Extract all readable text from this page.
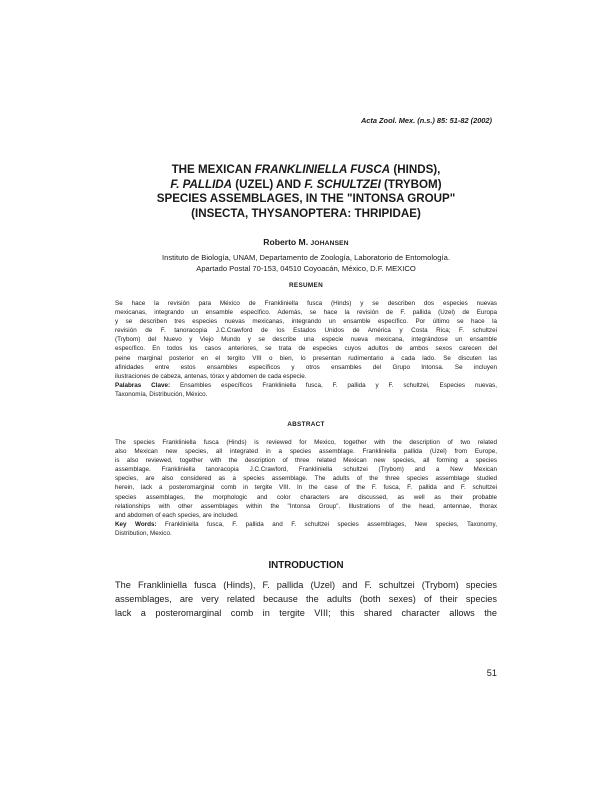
Acta Zool. Mex. (n.s.) 85: 51-82 (2002)
THE MEXICAN FRANKLINIELLA FUSCA (HINDS),
F. PALLIDA (UZEL) AND F. SCHULTZEI (TRYBOM)
SPECIES ASSEMBLAGES, IN THE "INTONSA GROUP"
(INSECTA, THYSANOPTERA: THRIPIDAE)
Roberto M. JOHANSEN
Instituto de Biología, UNAM, Departamento de Zoología, Laboratorio de Entomología.
Apartado Postal 70-153, 04510 Coyoacán, México, D.F. MEXICO
RESUMEN
Se hace la revisión para México de Frankliniella fusca (Hinds) y se describen dos especies nuevas
mexicanas, integrando un ensamble específico. Además, se hace la revisión de F. pallida (Uzel) de Europa
y se describen tres especies nuevas mexicanas, integrando un ensamble específico. Por último se hace la
revisión de F. tanoracopia J.C.Crawford de los Estados Unidos de América y Costa Rica; F. schultzei
(Trybom) del Nuevo y Viejo Mundo y se describe una especie nueva mexicana, integrándose un ensamble
específico. En todos los casos anteriores, se trata de especies cuyos adultos de ambos sexos carecen del
peine marginal posterior en el tergito VIII o bien, lo presentan rudimentario a cada lado. Se discuten las
afinidades entre estos ensambles específicos y otros ensambles del Grupo Intonsa. Se incluyen
ilustraciones de cabeza, antenas, tórax y abdomen de cada especie.
Palabras Clave: Ensambles específicos Frankliniella fusca, F. pallida y F. schultzei, Especies nuevas,
Taxonomía, Distribución, México.
ABSTRACT
The species Frankliniella fusca (Hinds) is reviewed for Mexico, together with the description of two related
also Mexican new species, all integrated in a species assemblage. Frankliniella pallida (Uzel) from Europe,
is also reviewed, together with the description of three related Mexican new species, all forming a species
assemblage. Frankliniella tanoracopia J.C.Crawford, Frankliniella schultzei (Trybom) and a New Mexican
species, are also considered as a species assemblage. The adults of the three species assemblage studied
herein, lack a posteromarginal comb in tergite VIII. In the case of the F. fusca, F. pallida and F. schultzei
species assemblages, the morphologic and color characters are discussed, as well as their probable
relationships with other assemblages within the "Intonsa Group". Illustrations of the head, antennae, thorax
and abdomen of each species, are included.
Key Words: Frankliniella fusca, F. pallida and F. schultzei species assemblages, New species, Taxonomy,
Distribution, Mexico.
INTRODUCTION
The Frankliniella fusca (Hinds), F. pallida (Uzel) and F. schultzei (Trybom) species
assemblages, are very related because the adults (both sexes) of their species
lack a posteromarginal comb in tergite VIII; this shared character allows the
51
